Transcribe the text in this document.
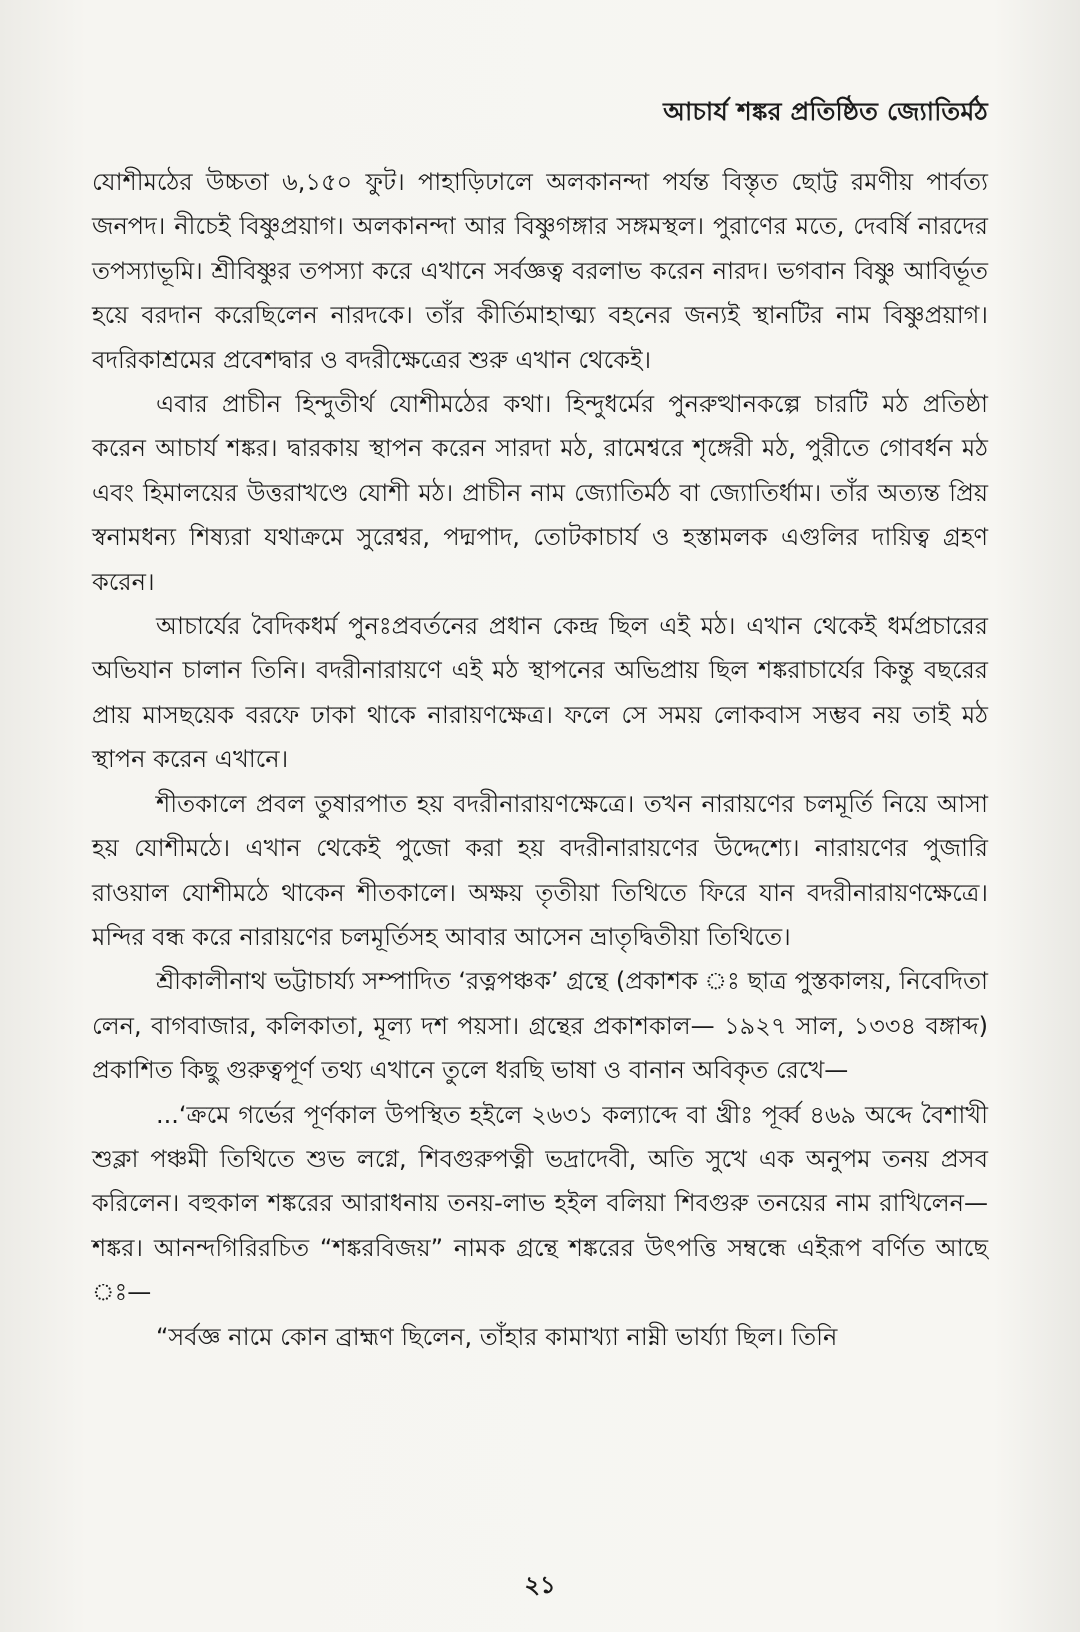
আচার্য শঙ্কর প্রতিষ্ঠিত জ্যোতির্মঠ

যোশীমঠের উচ্চতা ৬,১৫০ ফুট। পাহাড়িঢালে অলকানন্দা পর্যন্ত বিস্তৃত ছোট্ট রমণীয় পার্বত্য জনপদ। নীচেই বিষ্ণুপ্রয়াগ। অলকানন্দা আর বিষ্ণুগঙ্গার সঙ্গমস্থল। পুরাণের মতে, দেবর্ষি নারদের তপস্যাভূমি। শ্রীবিষ্ণুর তপস্যা করে এখানে সর্বজ্ঞত্ব বরলাভ করেন নারদ। ভগবান বিষ্ণু আবির্ভূত হয়ে বরদান করেছিলেন নারদকে। তাঁর কীর্তিমাহাত্ম্য বহনের জন্যই স্থানটির নাম বিষ্ণুপ্রয়াগ। বদরিকাশ্রমের প্রবেশদ্বার ও বদরীক্ষেত্রের শুরু এখান থেকেই।

এবার প্রাচীন হিন্দুতীর্থ যোশীমঠের কথা। হিন্দুধর্মের পুনরুত্থানকল্পে চারটি মঠ প্রতিষ্ঠা করেন আচার্য শঙ্কর। দ্বারকায় স্থাপন করেন সারদা মঠ, রামেশ্বরে শৃঙ্গেরী মঠ, পুরীতে গোবর্ধন মঠ এবং হিমালয়ের উত্তরাখণ্ডে যোশী মঠ। প্রাচীন নাম জ্যোতির্মঠ বা জ্যোতির্ধাম। তাঁর অত্যন্ত প্রিয় স্বনামধন্য শিষ্যরা যথাক্রমে সুরেশ্বর, পদ্মপাদ, তোটকাচার্য ও হস্তামলক এগুলির দায়িত্ব গ্রহণ করেন।

আচার্যের বৈদিকধর্ম পুনঃপ্রবর্তনের প্রধান কেন্দ্র ছিল এই মঠ। এখান থেকেই ধর্মপ্রচারের অভিযান চালান তিনি। বদরীনারায়ণে এই মঠ স্থাপনের অভিপ্রায় ছিল শঙ্করাচার্যের কিন্তু বছরের প্রায় মাসছয়েক বরফে ঢাকা থাকে নারায়ণক্ষেত্র। ফলে সে সময় লোকবাস সম্ভব নয় তাই মঠ স্থাপন করেন এখানে।

শীতকালে প্রবল তুষারপাত হয় বদরীনারায়ণক্ষেত্রে। তখন নারায়ণের চলমূর্তি নিয়ে আসা হয় যোশীমঠে। এখান থেকেই পুজো করা হয় বদরীনারায়ণের উদ্দেশ্যে। নারায়ণের পুজারি রাওয়াল যোশীমঠে থাকেন শীতকালে। অক্ষয় তৃতীয়া তিথিতে ফিরে যান বদরীনারায়ণক্ষেত্রে। মন্দির বন্ধ করে নারায়ণের চলমূর্তিসহ আবার আসেন ভ্রাতৃদ্বিতীয়া তিথিতে।

শ্রীকালীনাথ ভট্টাচার্য্য সম্পাদিত ‘রত্নপঞ্চক’ গ্রন্থে (প্রকাশক ঃ ছাত্র পুস্তকালয়, নিবেদিতা লেন, বাগবাজার, কলিকাতা, মূল্য দশ পয়সা। গ্রন্থের প্রকাশকাল— ১৯২৭ সাল, ১৩৩৪ বঙ্গাব্দ) প্রকাশিত কিছু গুরুত্বপূর্ণ তথ্য এখানে তুলে ধরছি ভাষা ও বানান অবিকৃত রেখে—

...‘ক্রমে গর্ভের পূর্ণকাল উপস্থিত হইলে ২৬৩১ কল্যাব্দে বা খ্রীঃ পূর্ব্ব ৪৬৯ অব্দে বৈশাখী শুক্লা পঞ্চমী তিথিতে শুভ লগ্নে, শিবগুরুপত্নী ভদ্রাদেবী, অতি সুখে এক অনুপম তনয় প্রসব করিলেন। বহুকাল শঙ্করের আরাধনায় তনয়-লাভ হইল বলিয়া শিবগুরু তনয়ের নাম রাখিলেন—শঙ্কর। আনন্দগিরিরচিত “শঙ্করবিজয়” নামক গ্রন্থে শঙ্করের উৎপত্তি সম্বন্ধে এইরূপ বর্ণিত আছে ঃ—

“সর্বজ্ঞ নামে কোন ব্রাহ্মণ ছিলেন, তাঁহার কামাখ্যা নাম্নী ভার্য্যা ছিল। তিনি

২১
